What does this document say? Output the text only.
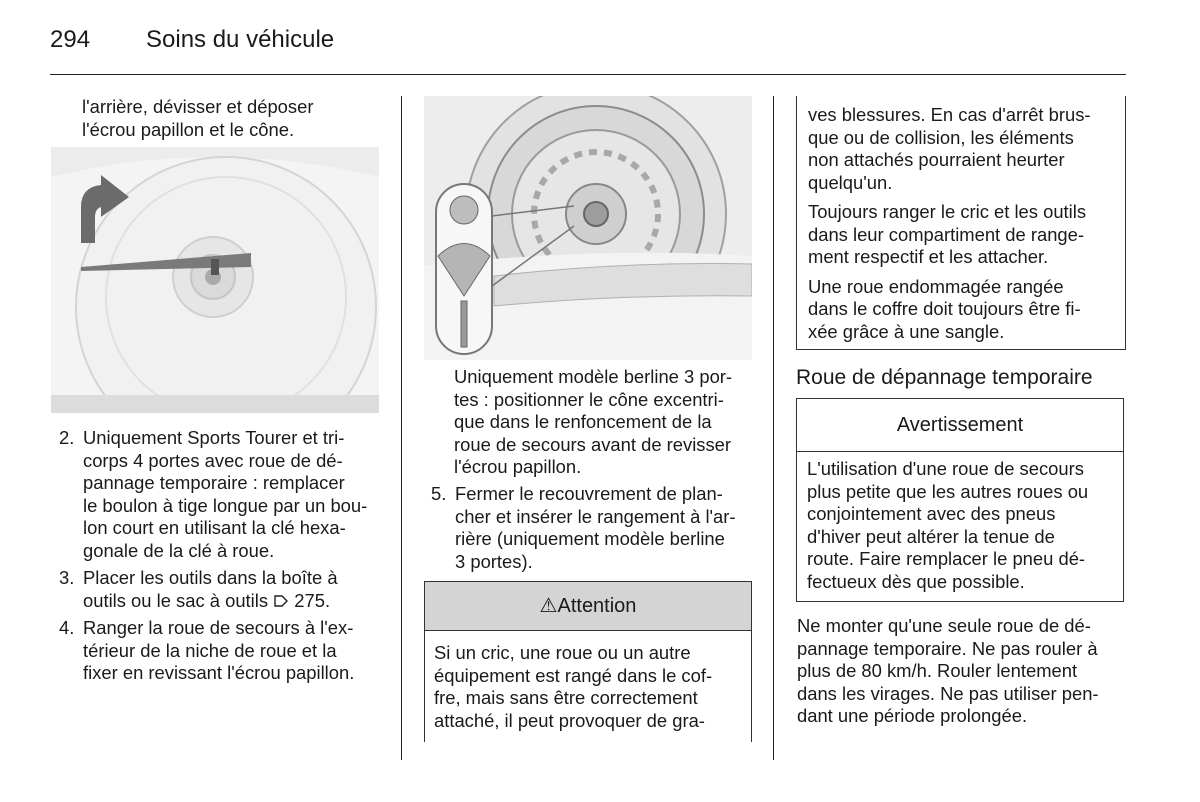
294 Soins du véhicule
l'arrière, dévisser et déposer
l'écrou papillon et le cône.
2. Uniquement Sports Tourer et tri-
corps 4 portes avec roue de dé-
pannage temporaire : remplacer
le boulon à tige longue par un bou-
lon court en utilisant la clé hexa-
gonale de la clé à roue.
3. Placer les outils dans la boîte à
outils ou le sac à outils 275.
4. Ranger la roue de secours à l'ex-
térieur de la niche de roue et la
fixer en revissant l'écrou papillon.
Uniquement modèle berline 3 por-
tes : positionner le cône excentri-
que dans le renfoncement de la
roue de secours avant de revisser
l'écrou papillon.
5. Fermer le recouvrement de plan-
cher et insérer le rangement à l'ar-
rière (uniquement modèle berline
3 portes).
⚠Attention
Si un cric, une roue ou un autre
équipement est rangé dans le cof-
fre, mais sans être correctement
attaché, il peut provoquer de gra-
ves blessures. En cas d'arrêt brus-
que ou de collision, les éléments
non attachés pourraient heurter
quelqu'un.
Toujours ranger le cric et les outils
dans leur compartiment de range-
ment respectif et les attacher.
Une roue endommagée rangée
dans le coffre doit toujours être fi-
xée grâce à une sangle.
Roue de dépannage temporaire
Avertissement
L'utilisation d'une roue de secours
plus petite que les autres roues ou
conjointement avec des pneus
d'hiver peut altérer la tenue de
route. Faire remplacer le pneu dé-
fectueux dès que possible.
Ne monter qu'une seule roue de dé-
pannage temporaire. Ne pas rouler à
plus de 80 km/h. Rouler lentement
dans les virages. Ne pas utiliser pen-
dant une période prolongée.
